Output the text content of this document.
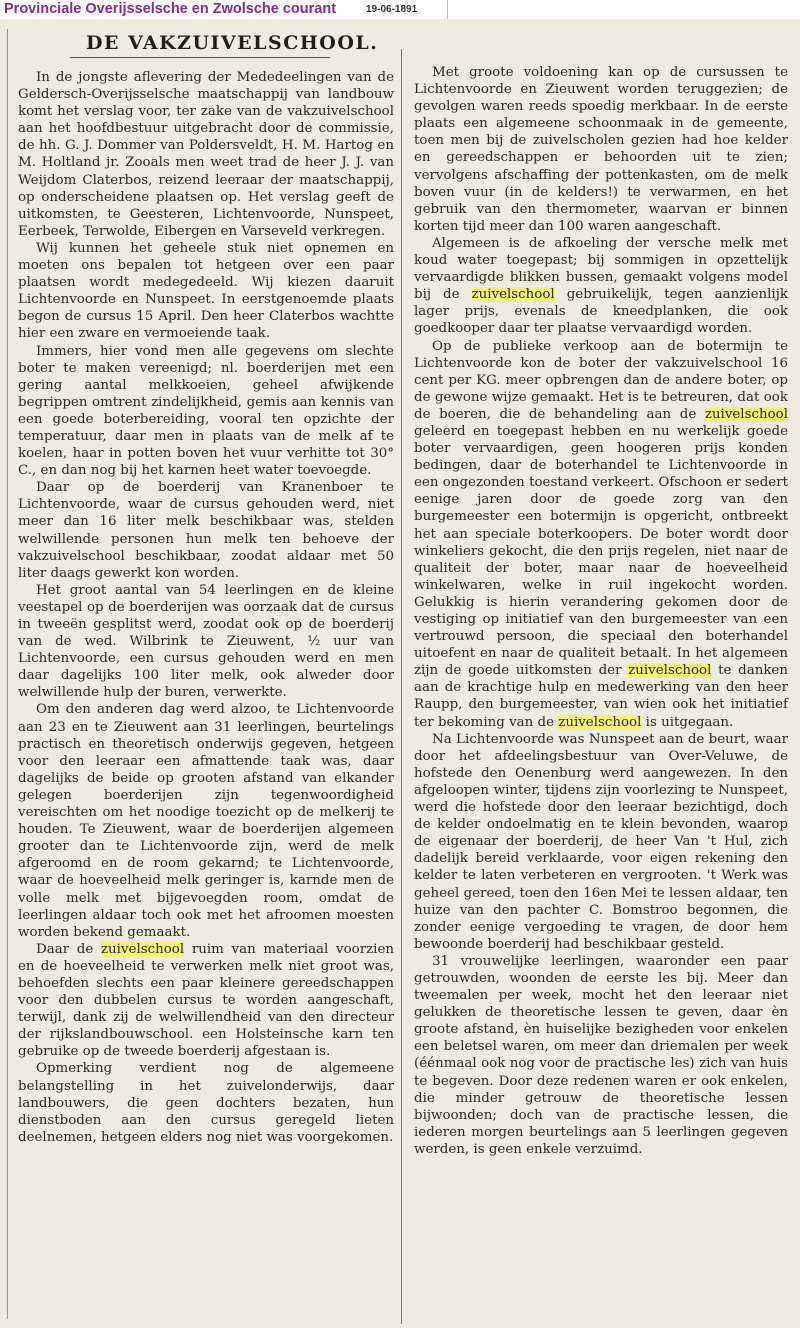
Provinciale Overijsselsche en Zwolsche courant	19-06-1891
DE VAKZUIVELSCHOOL.

In de jongste aflevering der Mededeelingen van de Geldersch-Overijsselsche maatschappij van landbouw komt het verslag voor, ter zake van de vakzuivelschool aan het hoofdbestuur uitgebracht door de commissie, de hh. G. J. Dommer van Poldersveldt, H. M. Hartog en M. Holtland jr. Zooals men weet trad de heer J. J. van Weijdom Claterbos, reizend leeraar der maatschappij, op onderscheidene plaatsen op. Het verslag geeft de uitkomsten, te Geesteren, Lichtenvoorde, Nunspeet, Eerbeek, Terwolde, Eibergen en Varseveld verkregen.

Wij kunnen het geheele stuk niet opnemen en moeten ons bepalen tot hetgeen over een paar plaatsen wordt medegedeeld. Wij kiezen daaruit Lichtenvoorde en Nunspeet. In eerstgenoemde plaats begon de cursus 15 April. Den heer Claterbos wachtte hier een zware en vermoeiende taak.

Immers, hier vond men alle gegevens om slechte boter te maken vereenigd; nl. boerderijen met een gering aantal melkkoeien, geheel afwijkende begrippen omtrent zindelijkheid, gemis aan kennis van een goede boterbereiding, vooral ten opzichte der temperatuur, daar men in plaats van de melk af te koelen, haar in potten boven het vuur verhitte tot 30° C., en dan nog bij het karnen heet water toevoegde.

Daar op de boerderij van Kranenboer te Lichtenvoorde, waar de cursus gehouden werd, niet meer dan 16 liter melk beschikbaar was, stelden welwillende personen hun melk ten behoeve der vakzuivelschool beschikbaar, zoodat aldaar met 50 liter daags gewerkt kon worden.

Het groot aantal van 54 leerlingen en de kleine veestapel op de boerderijen was oorzaak dat de cursus in tweeën gesplitst werd, zoodat ook op de boerderij van de wed. Wilbrink te Zieuwent, ½ uur van Lichtenvoorde, een cursus gehouden werd en men daar dagelijks 100 liter melk, ook alweder door welwillende hulp der buren, verwerkte.

Om den anderen dag werd alzoo, te Lichtenvoorde aan 23 en te Zieuwent aan 31 leerlingen, beurtelings practisch en theoretisch onderwijs gegeven, hetgeen voor den leeraar een afmattende taak was, daar dagelijks de beide op grooten afstand van elkander gelegen boerderijen zijn tegenwoordigheid vereischten om het noodige toezicht op de melkerij te houden. Te Zieuwent, waar de boerderijen algemeen grooter dan te Lichtenvoorde zijn, werd de melk afgeroomd en de room gekarnd; te Lichtenvoorde, waar de hoeveelheid melk geringer is, karnde men de volle melk met bijgevoegden room, omdat de leerlingen aldaar toch ook met het afroomen moesten worden bekend gemaakt.

Daar de zuivelschool ruim van materiaal voorzien en de hoeveelheid te verwerken melk niet groot was, behoefden slechts een paar kleinere gereedschappen voor den dubbelen cursus te worden aangeschaft, terwijl, dank zij de welwillendheid van den directeur der rijkslandbouwschool. een Holsteinsche karn ten gebruike op de tweede boerderij afgestaan is.

Opmerking verdient nog de algemeene belangstelling in het zuivelonderwijs, daar landbouwers, die geen dochters bezaten, hun dienstboden aan den cursus geregeld lieten deelnemen, hetgeen elders nog niet was voorgekomen.

Met groote voldoening kan op de cursussen te Lichtenvoorde en Zieuwent worden teruggezien; de gevolgen waren reeds spoedig merkbaar. In de eerste plaats een algemeene schoonmaak in de gemeente, toen men bij de zuivelscholen gezien had hoe kelder en gereedschappen er behoorden uit te zien; vervolgens afschaffing der pottenkasten, om de melk boven vuur (in de kelders!) te verwarmen, en het gebruik van den thermometer, waarvan er binnen korten tijd meer dan 100 waren aangeschaft.

Algemeen is de afkoeling der versche melk met koud water toegepast; bij sommigen in opzettelijk vervaardigde blikken bussen, gemaakt volgens model bij de zuivelschool gebruikelijk, tegen aanzienlijk lager prijs, evenals de kneedplanken, die ook goedkooper daar ter plaatse vervaardigd worden.

Op de publieke verkoop aan de botermijn te Lichtenvoorde kon de boter der vakzuivelschool 16 cent per KG. meer opbrengen dan de andere boter, op de gewone wijze gemaakt. Het is te betreuren, dat ook de boeren, die de behandeling aan de zuivelschool geleerd en toegepast hebben en nu werkelijk goede boter vervaardigen, geen hoogeren prijs konden bedingen, daar de boterhandel te Lichtenvoorde in een ongezonden toestand verkeert. Ofschoon er sedert eenige jaren door de goede zorg van den burgemeester een botermijn is opgericht, ontbreekt het aan speciale boterkoopers. De boter wordt door winkeliers gekocht, die den prijs regelen, niet naar de qualiteit der boter, maar naar de hoeveelheid winkelwaren, welke in ruil ingekocht worden. Gelukkig is hierin verandering gekomen door de vestiging op initiatief van den burgemeester van een vertrouwd persoon, die speciaal den boterhandel uitoefent en naar de qualiteit betaalt. In het algemeen zijn de goede uitkomsten der zuivelschool te danken aan de krachtige hulp en medewerking van den heer Raupp, den burgemeester, van wien ook het initiatief ter bekoming van de zuivelschool is uitgegaan.

Na Lichtenvoorde was Nunspeet aan de beurt, waar door het afdeelingsbestuur van Over-Veluwe, de hofstede den Oenenburg werd aangewezen. In den afgeloopen winter, tijdens zijn voorlezing te Nunspeet, werd die hofstede door den leeraar bezichtigd, doch de kelder ondoelmatig en te klein bevonden, waarop de eigenaar der boerderij, de heer Van 't Hul, zich dadelijk bereid verklaarde, voor eigen rekening den kelder te laten verbeteren en vergrooten. 't Werk was geheel gereed, toen den 16en Mei te lessen aldaar, ten huize van den pachter C. Bomstroo begonnen, die zonder eenige vergoeding te vragen, de door hem bewoonde boerderij had beschikbaar gesteld.

31 vrouwelijke leerlingen, waaronder een paar getrouwden, woonden de eerste les bij. Meer dan tweemalen per week, mocht het den leeraar niet gelukken de theoretische lessen te geven, daar èn groote afstand, èn huiselijke bezigheden voor enkelen een beletsel waren, om meer dan driemalen per week (éénmaal ook nog voor de practische les) zich van huis te begeven. Door deze redenen waren er ook enkelen, die minder getrouw de theoretische lessen bijwoonden; doch van de practische lessen, die iederen morgen beurtelings aan 5 leerlingen gegeven werden, is geen enkele verzuimd.
